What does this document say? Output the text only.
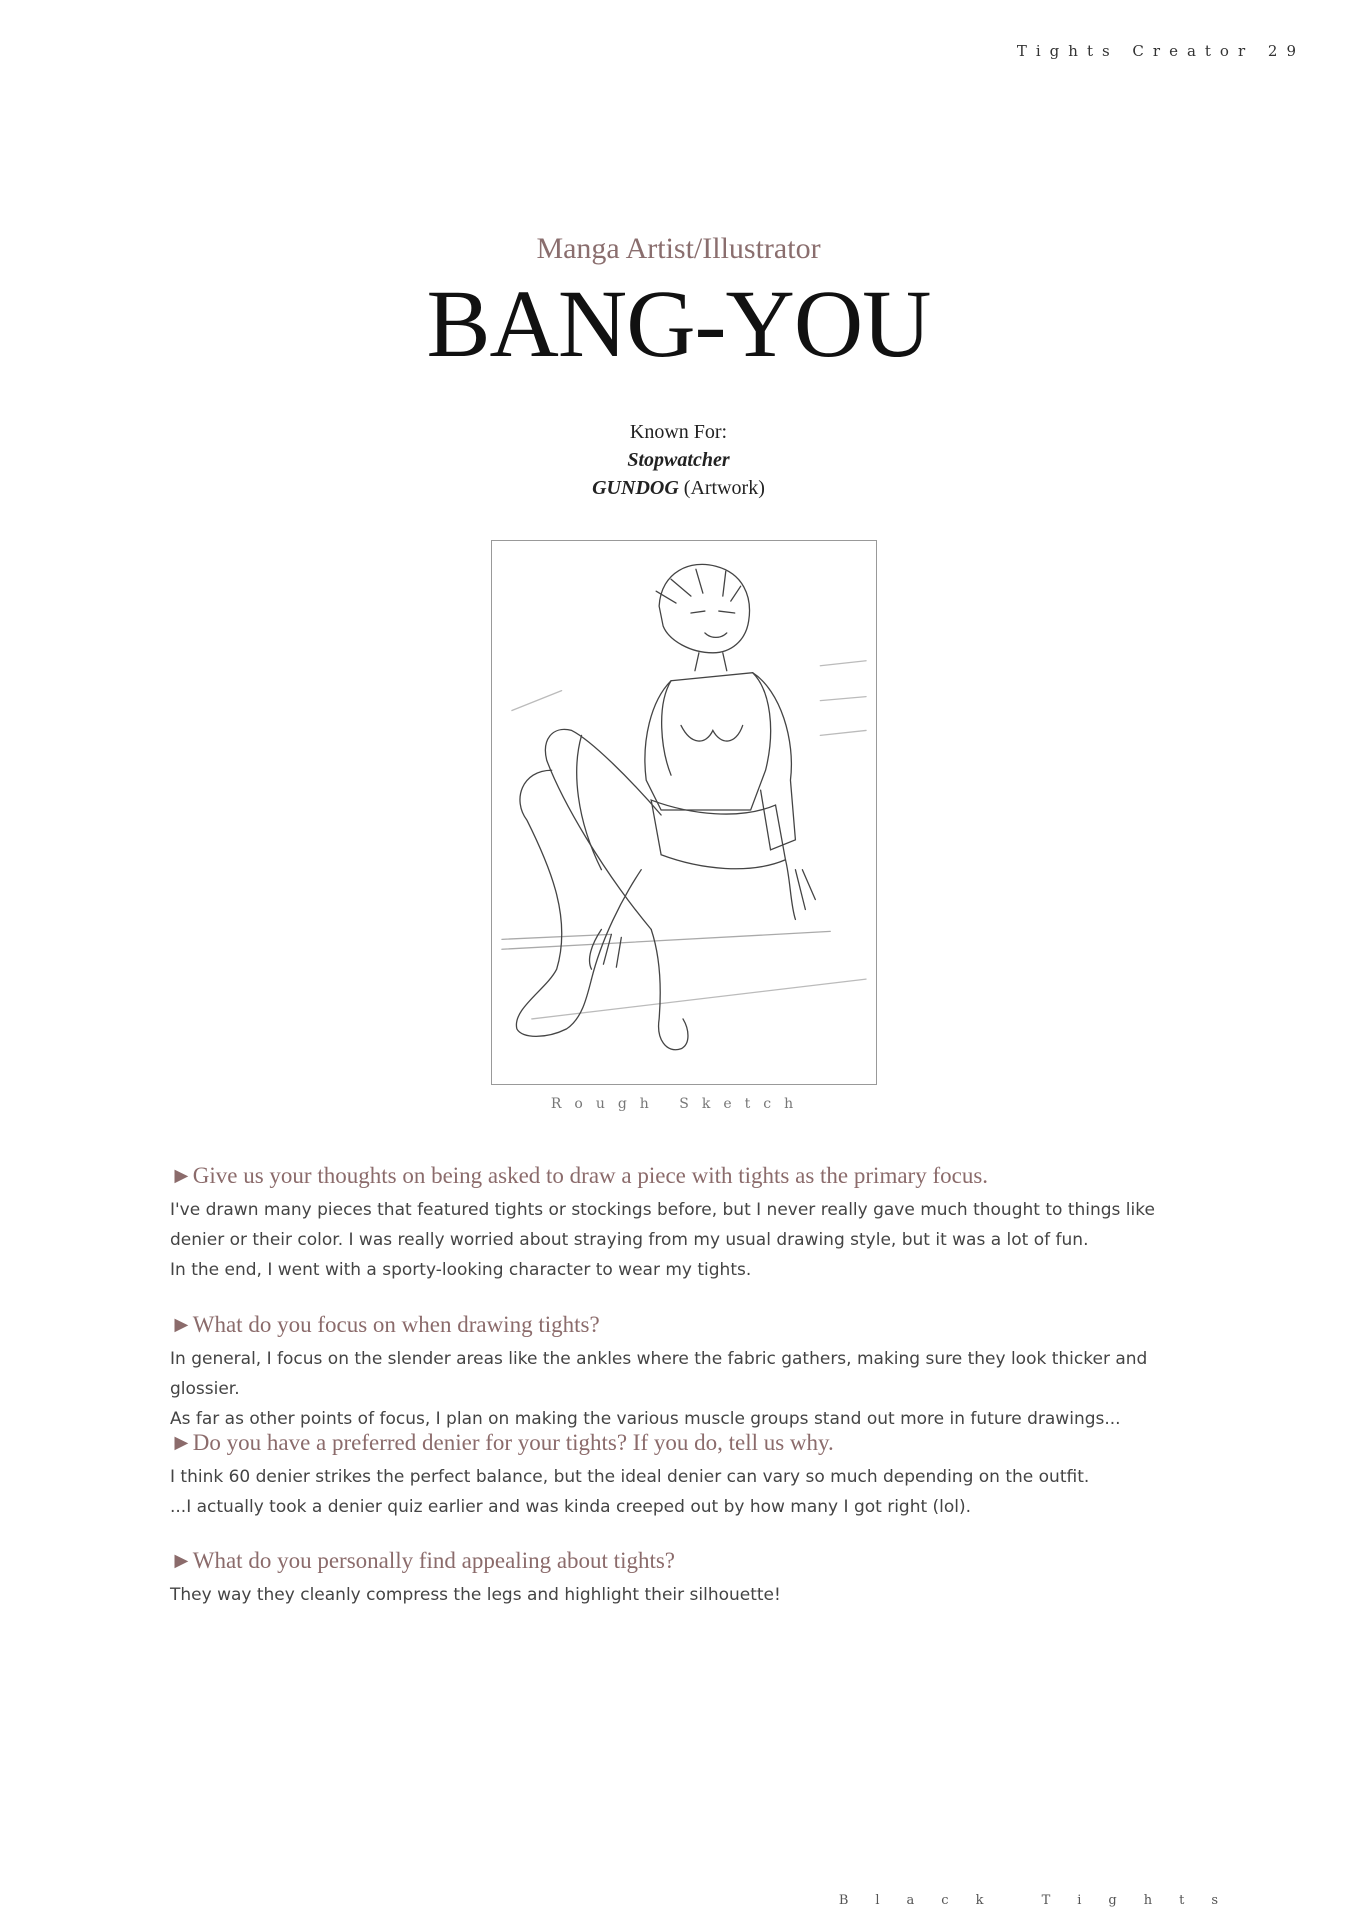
Tights Creator 29
Manga Artist/Illustrator
BANG-YOU
Known For:
Stopwatcher
GUNDOG (Artwork)
Rough Sketch
►Give us your thoughts on being asked to draw a piece with tights as the primary focus.
I've drawn many pieces that featured tights or stockings before, but I never really gave much thought to things like denier or their color. I was really worried about straying from my usual drawing style, but it was a lot of fun.
In the end, I went with a sporty-looking character to wear my tights.
►What do you focus on when drawing tights?
In general, I focus on the slender areas like the ankles where the fabric gathers, making sure they look thicker and glossier.
As far as other points of focus, I plan on making the various muscle groups stand out more in future drawings...
►Do you have a preferred denier for your tights? If you do, tell us why.
I think 60 denier strikes the perfect balance, but the ideal denier can vary so much depending on the outfit.
...I actually took a denier quiz earlier and was kinda creeped out by how many I got right (lol).
►What do you personally find appealing about tights?
They way they cleanly compress the legs and highlight their silhouette!
Black Tights
